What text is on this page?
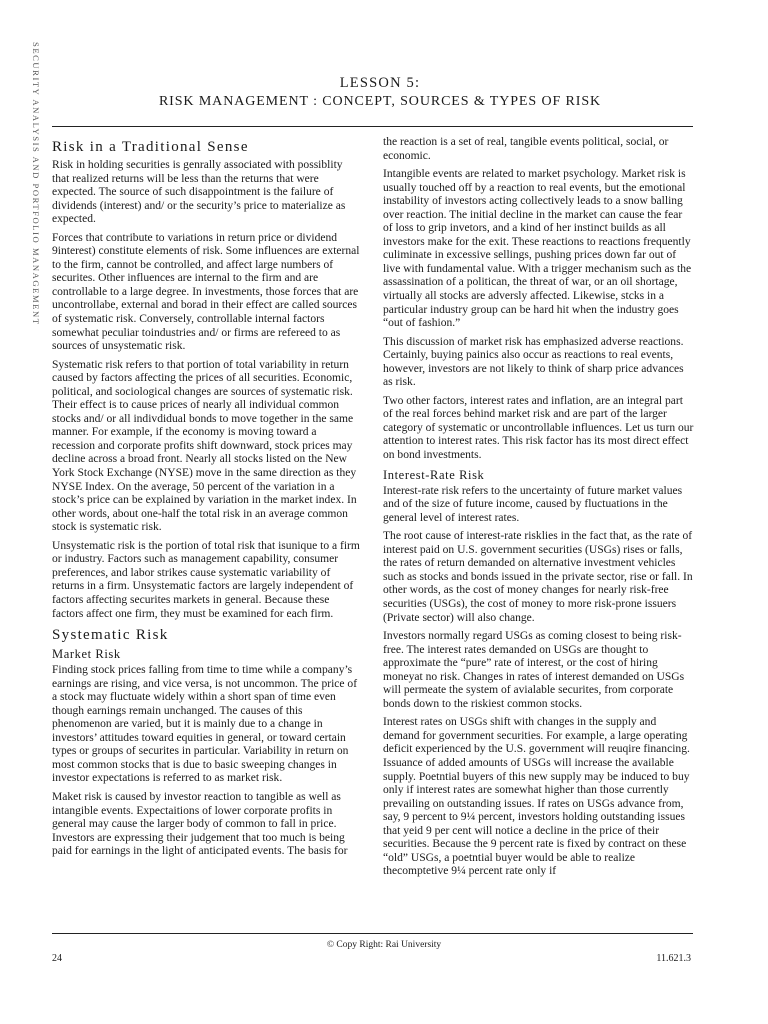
SECURITY ANALYSIS AND PORTFOLIO MANAGEMENT	LESSON 5:
RISK MANAGEMENT : CONCEPT, SOURCES & TYPES OF RISK
Risk in a Traditional Sense

Risk in holding securities is genrally associated with possiblity that realized returns will be less than the returns that were expected. The source of such disappointment is the failure of dividends (interest) and/ or the security’s price to materialize as expected.

Forces that contribute to variations in return price or dividend 9interest) constitute elements of risk. Some influences are external to the firm, cannot be controlled, and affect large numbers of securites. Other influences are internal to the firm and are controllable to a large degree. In investments, those forces that are uncontrollabe, external and borad in their effect are called sources of systematic risk. Conversely, controllable internal factors somewhat peculiar toindustries and/ or firms are refereed to as sources of unsystematic risk.

Systematic risk refers to that portion of total variability in return caused by factors affecting the prices of all securities. Economic, political, and sociological changes are sources of systematic risk. Their effect is to cause prices of nearly all individual common stocks and/ or all indivdidual bonds to move together in the same manner. For example, if the economy is moving toward a recession and corporate profits shift downward, stock prices may decline across a broad front. Nearly all stocks listed on the New York Stock Exchange (NYSE) move in the same direction as they NYSE Index. On the average, 50 percent of the variation in a stock’s price can be explained by variation in the market index. In other words, about one-half the total risk in an average common stock is systematic risk.

Unsystematic risk is the portion of total risk that isunique to a firm or industry. Factors such as management capability, consumer preferences, and labor strikes cause systematic variability of returns in a firm. Unsystematic factors are largely independent of factors affecting securites markets in general. Because these factors affect one firm, they must be examined for each firm.

Systematic Risk
Market Risk

Finding stock prices falling from time to time while a company’s earnings are rising, and vice versa, is not uncommon. The price of a stock may fluctuate widely within a short span of time even though earnings remain unchanged. The causes of this phenomenon are varied, but it is mainly due to a change in investors’ attitudes toward equities in general, or toward certain types or groups of securites in particular. Variability in return on most common stocks that is due to basic sweeping changes in investor expectations is referred to as market risk.

Maket risk is caused by investor reaction to tangible as well as intangible events. Expectaitions of lower corporate profits in general may cause the larger body of common to fall in price. Investors are expressing their judgement that too much is being paid for earnings in the light of anticipated events. The basis for

the reaction is a set of real, tangible events political, social, or economic.

Intangible events are related to market psychology. Market risk is usually touched off by a reaction to real events, but the emotional instability of investors acting collectively leads to a snow balling over reaction. The initial decline in the market can cause the fear of loss to grip invetors, and a kind of her instinct builds as all investors make for the exit. These reactions to reactions frequently culiminate in excessive sellings, pushing prices down far out of live with fundamental value. With a trigger mechanism such as the assassination of a politican, the threat of war, or an oil shortage, virtually all stocks are adversly affected. Likewise, stcks in a particular industry group can be hard hit when the industry goes “out of fashion.”

This discussion of market risk has emphasized adverse reactions. Certainly, buying painics also occur as reactions to real events, however, investors are not likely to think of sharp price advances as risk.

Two other factors, interest rates and inflation, are an integral part of the real forces behind market risk and are part of the larger category of systematic or uncontrollable influences. Let us turn our attention to interest rates. This risk factor has its most direct effect on bond investments.

Interest-Rate Risk

Interest-rate risk refers to the uncertainty of future market values and of the size of future income, caused by fluctuations in the general level of interest rates.

The root cause of interest-rate risklies in the fact that, as the rate of interest paid on U.S. government securities (USGs) rises or falls, the rates of return demanded on alternative investment vehicles such as stocks and bonds issued in the private sector, rise or fall. In other words, as the cost of money changes for nearly risk-free securities (USGs), the cost of money to more risk-prone issuers (Private sector) will also change.

Investors normally regard USGs as coming closest to being risk-free. The interest rates demanded on USGs are thought to approximate the “pure” rate of interest, or the cost of hiring moneyat no risk. Changes in rates of interest demanded on USGs will permeate the system of avialable securites, from corporate bonds down to the riskiest common stocks.

Interest rates on USGs shift with changes in the supply and demand for government securities. For example, a large operating deficit experienced by the U.S. government will reuqire financing. Issuance of added amounts of USGs will increase the available supply. Poetntial buyers of this new supply may be induced to buy only if interest rates are somewhat higher than those currently prevailing on outstanding issues. If rates on USGs advance from, say, 9 percent to 9¼ percent, investors holding outstanding issues that yeid 9 per cent will notice a decline in the price of their securities. Because the 9 percent rate is fixed by contract on these “old” USGs, a poetntial buyer would be able to realize thecomptetive 9¼ percent rate only if

© Copy Right: Rai University
24	11.621.3
